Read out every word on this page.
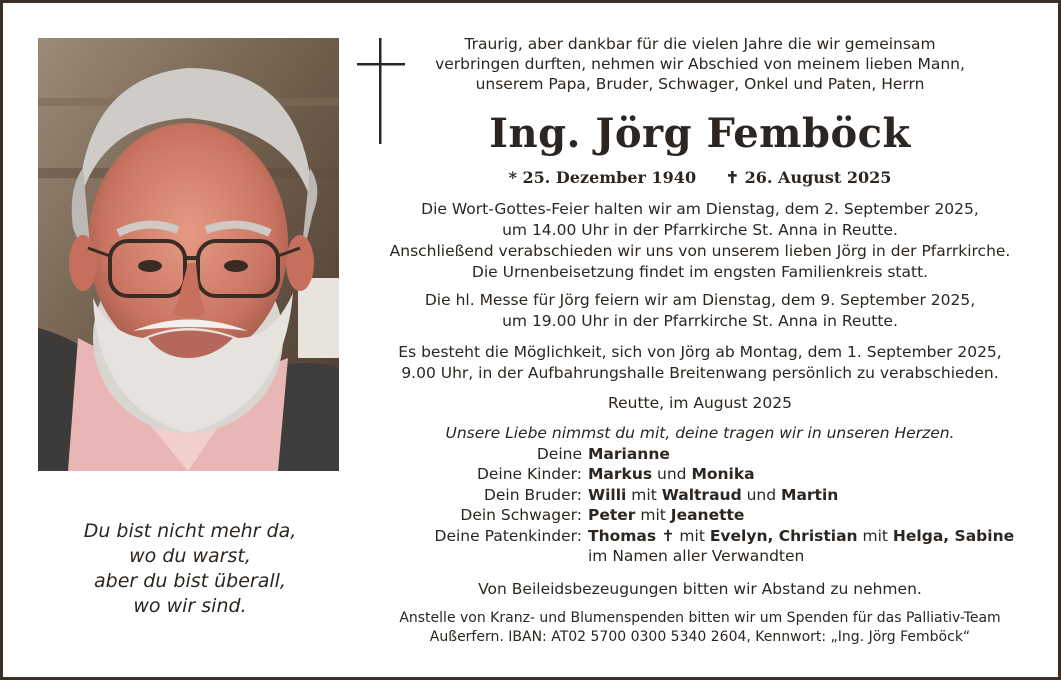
Traurig, aber dankbar für die vielen Jahre die wir gemeinsam
verbringen durften, nehmen wir Abschied von meinem lieben Mann,
unserem Papa, Bruder, Schwager, Onkel und Paten, Herrn
Ing. Jörg Femböck
* 25. Dezember 1940 ✝ 26. August 2025
Die Wort-Gottes-Feier halten wir am Dienstag, dem 2. September 2025,
um 14.00 Uhr in der Pfarrkirche St. Anna in Reutte.
Anschließend verabschieden wir uns von unserem lieben Jörg in der Pfarrkirche.
Die Urnenbeisetzung findet im engsten Familienkreis statt.
Die hl. Messe für Jörg feiern wir am Dienstag, dem 9. September 2025,
um 19.00 Uhr in der Pfarrkirche St. Anna in Reutte.
Es besteht die Möglichkeit, sich von Jörg ab Montag, dem 1. September 2025,
9.00 Uhr, in der Aufbahrungshalle Breitenwang persönlich zu verabschieden.
Reutte, im August 2025
Unsere Liebe nimmst du mit, deine tragen wir in unseren Herzen.
Deine Marianne
Deine Kinder: Markus und Monika
Dein Bruder: Willi mit Waltraud und Martin
Dein Schwager: Peter mit Jeanette
Deine Patenkinder: Thomas ✝ mit Evelyn, Christian mit Helga, Sabine
im Namen aller Verwandten
Von Beileidsbezeugungen bitten wir Abstand zu nehmen.
Anstelle von Kranz- und Blumenspenden bitten wir um Spenden für das Palliativ-Team
Außerfern. IBAN: AT02 5700 0300 5340 2604, Kennwort: „Ing. Jörg Femböck“
Du bist nicht mehr da,
wo du warst,
aber du bist überall,
wo wir sind.
